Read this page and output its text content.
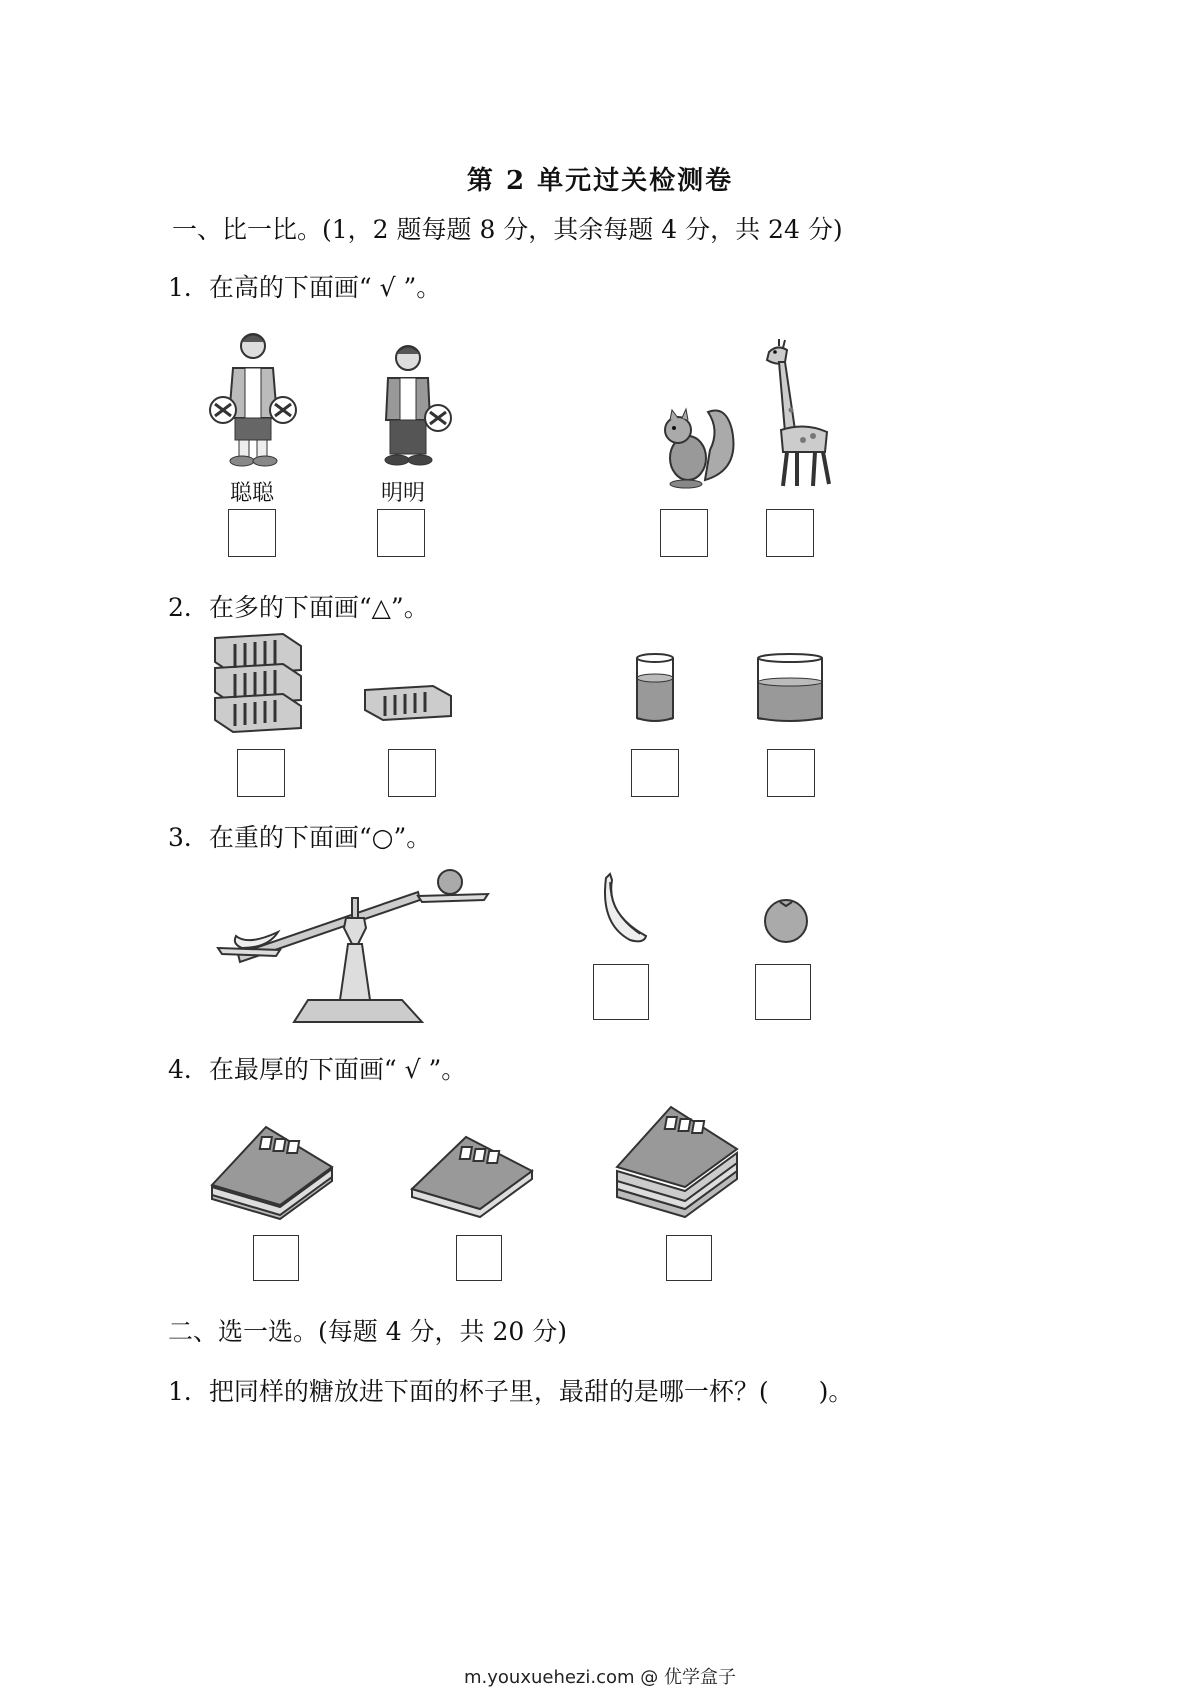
第 2 单元过关检测卷
一、比一比。(1，2 题每题 8 分，其余每题 4 分，共 24 分)
1．在高的下面画“ √ ”。
聪聪	明明
2．在多的下面画“△”。
3．在重的下面画“○”。
4．在最厚的下面画“ √ ”。
二、选一选。(每题 4 分，共 20 分)
1．把同样的糖放进下面的杯子里，最甜的是哪一杯？(　　)。
m.youxuehezi.com @ 优学盒子
